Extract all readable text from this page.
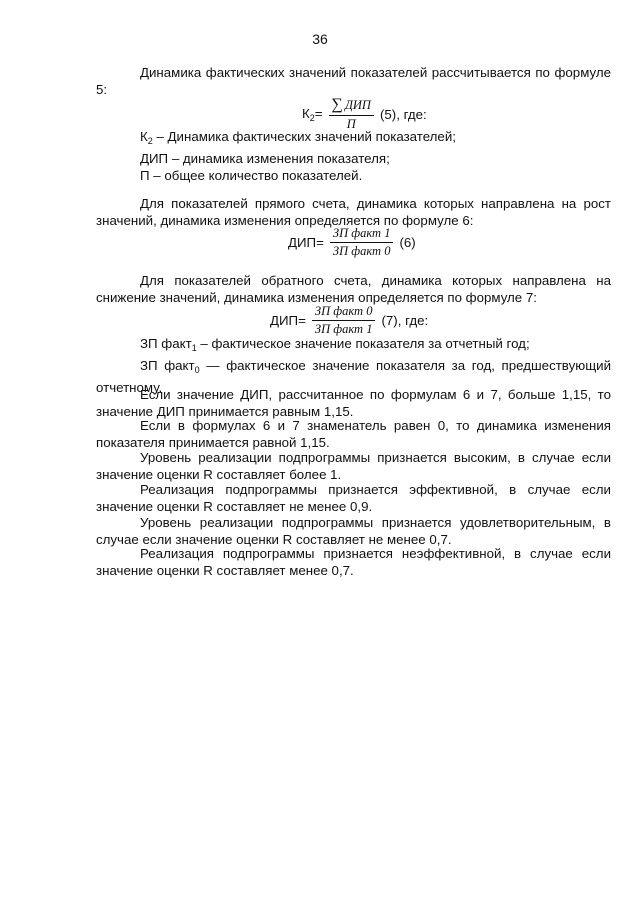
36
Динамика фактических значений показателей рассчитывается по формуле 5:
$К_2= \frac{\text{∑ ДИП}}{П} (5)$, где:
$К_2$ – Динамика фактических значений показателей;
ДИП – динамика изменения показателя;
П – общее количество показателей.
Для показателей прямого счета, динамика которых направлена на рост значений, динамика изменения определяется по формуле 6:
$ДИП= \frac{\text{ЗП факт 1}}{\text{ЗП факт 0}} (6)$
Для показателей обратного счета, динамика которых направлена на снижение значений, динамика изменения определяется по формуле 7:
$ДИП= \frac{\text{ЗП факт 0}}{\text{ЗП факт 1}} (7)$, где:
ЗП факт$_1$ – фактическое значение показателя за отчетный год;
ЗП факт$_0$ — фактическое значение показателя за год, предшествующий отчетному.
Если значение ДИП, рассчитанное по формулам 6 и 7, больше 1,15, то значение ДИП принимается равным 1,15.
Если в формулах 6 и 7 знаменатель равен 0, то динамика изменения показателя принимается равной 1,15.
Уровень реализации подпрограммы признается высоким, в случае если значение оценки R составляет более 1.
Реализация подпрограммы признается эффективной, в случае если значение оценки R составляет не менее 0,9.
Уровень реализации подпрограммы признается удовлетворительным, в случае если значение оценки R составляет не менее 0,7.
Реализация подпрограммы признается неэффективной, в случае если значение оценки R составляет менее 0,7.
